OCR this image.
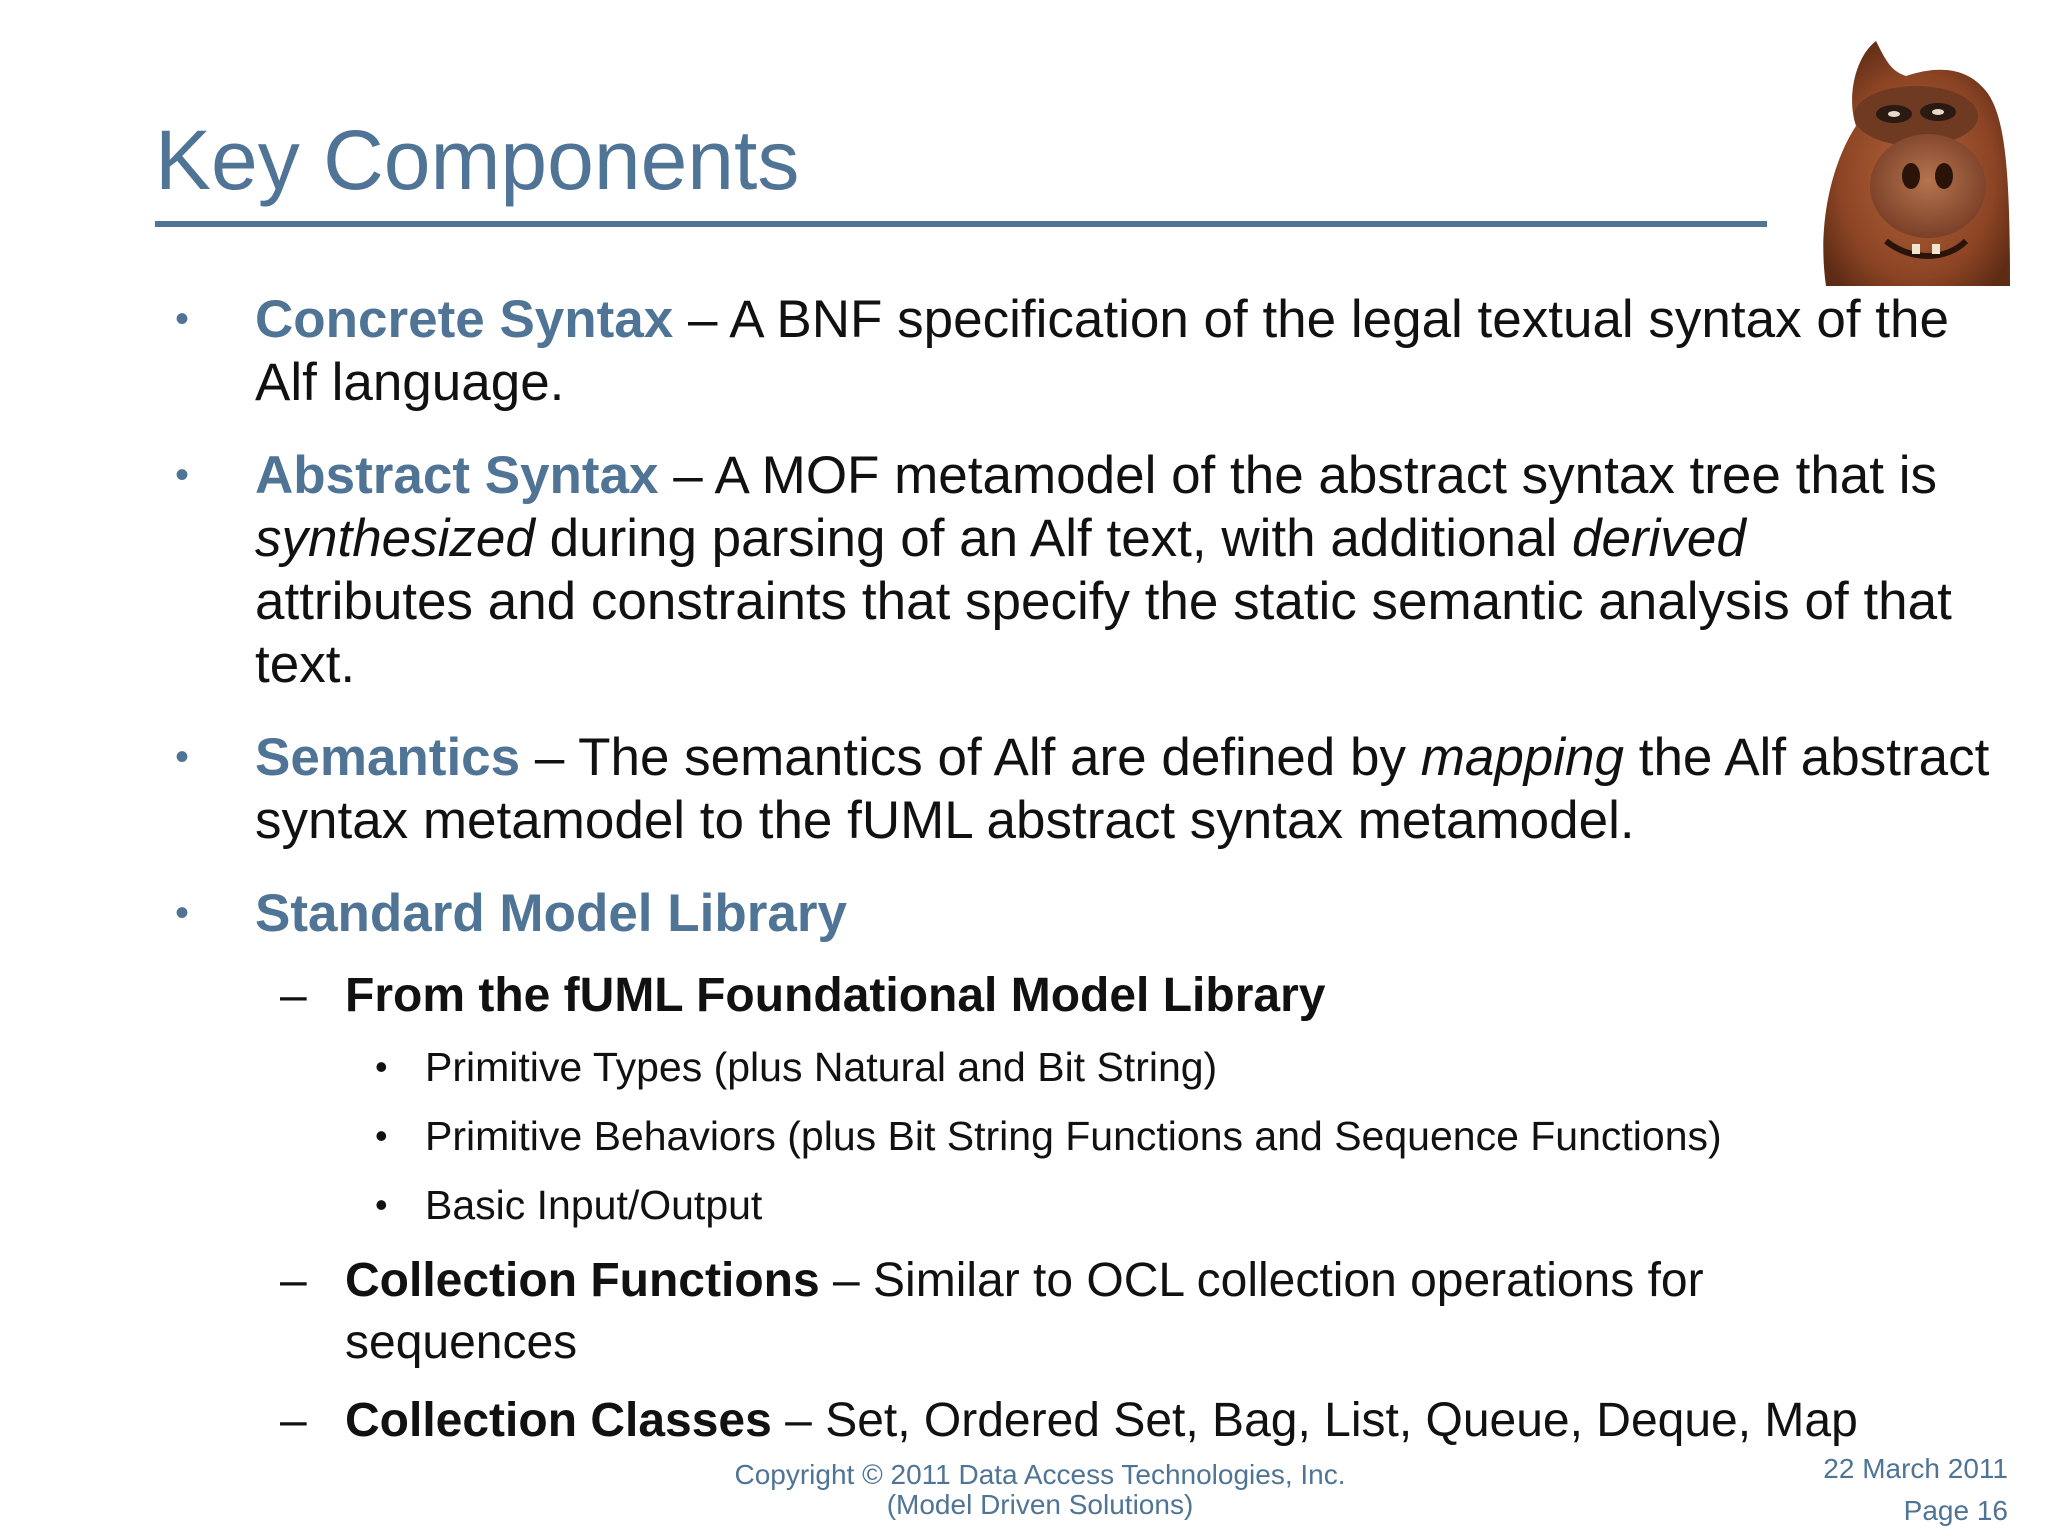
Key Components
• Concrete Syntax – A BNF specification of the legal textual syntax of the Alf language.
• Abstract Syntax – A MOF metamodel of the abstract syntax tree that is synthesized during parsing of an Alf text, with additional derived attributes and constraints that specify the static semantic analysis of that text.
• Semantics – The semantics of Alf are defined by mapping the Alf abstract syntax metamodel to the fUML abstract syntax metamodel.
• Standard Model Library
– From the fUML Foundational Model Library
• Primitive Types (plus Natural and Bit String)
• Primitive Behaviors (plus Bit String Functions and Sequence Functions)
• Basic Input/Output
– Collection Functions – Similar to OCL collection operations for sequences
– Collection Classes – Set, Ordered Set, Bag, List, Queue, Deque, Map
Copyright © 2011 Data Access Technologies, Inc.
(Model Driven Solutions)
22 March 2011
Page 16
